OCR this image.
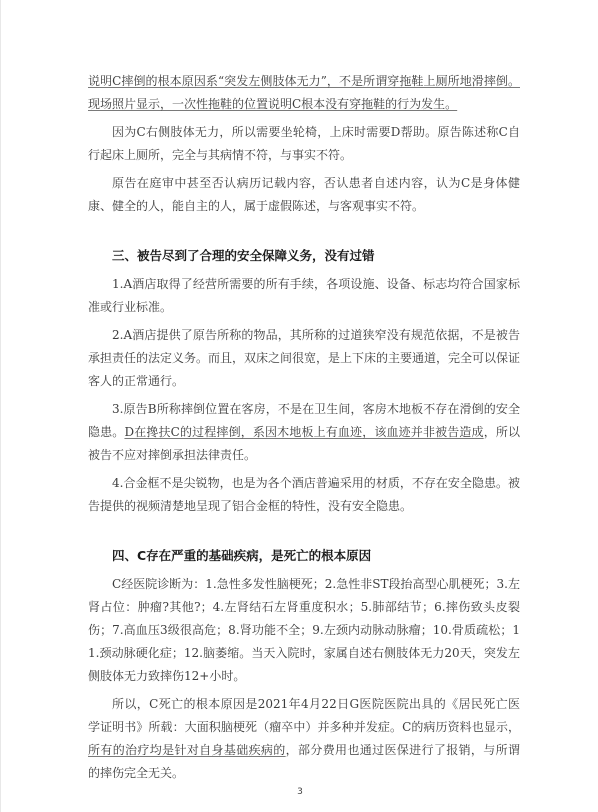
说明C摔倒的根本原因系“突发左侧肢体无力”，不是所谓穿拖鞋上厕所地滑摔倒。现场照片显示，一次性拖鞋的位置说明C根本没有穿拖鞋的行为发生。

因为C右侧肢体无力，所以需要坐轮椅，上床时需要D帮助。原告陈述称C自行起床上厕所，完全与其病情不符，与事实不符。

原告在庭审中甚至否认病历记载内容，否认患者自述内容，认为C是身体健康、健全的人，能自主的人，属于虚假陈述，与客观事实不符。

三、被告尽到了合理的安全保障义务，没有过错

1.A酒店取得了经营所需要的所有手续，各项设施、设备、标志均符合国家标准或行业标准。

2.A酒店提供了原告所称的物品，其所称的过道狭窄没有规范依据，不是被告承担责任的法定义务。而且，双床之间很宽，是上下床的主要通道，完全可以保证客人的正常通行。

3.原告B所称摔倒位置在客房，不是在卫生间，客房木地板不存在滑倒的安全隐患。D在搀扶C的过程摔倒，系因木地板上有血迹，该血迹并非被告造成，所以被告不应对摔倒承担法律责任。

4.合金框不是尖锐物，也是为各个酒店普遍采用的材质，不存在安全隐患。被告提供的视频清楚地呈现了铝合金框的特性，没有安全隐患。

四、C存在严重的基础疾病，是死亡的根本原因

C经医院诊断为：1.急性多发性脑梗死；2.急性非ST段抬高型心肌梗死；3.左肾占位：肿瘤?其他?；4.左肾结石左肾重度积水；5.肺部结节；6.摔伤致头皮裂伤；7.高血压3级很高危；8.肾功能不全；9.左颈内动脉动脉瘤；10.骨质疏松；11.颈动脉硬化症；12.脑萎缩。当天入院时，家属自述右侧肢体无力20天，突发左侧肢体无力致摔伤12+小时。

所以，C死亡的根本原因是2021年4月22日G医院医院出具的《居民死亡医学证明书》所载：大面积脑梗死（瘤卒中）并多种并发症。C的病历资料也显示，所有的治疗均是针对自身基础疾病的，部分费用也通过医保进行了报销，与所谓的摔伤完全无关。

3
